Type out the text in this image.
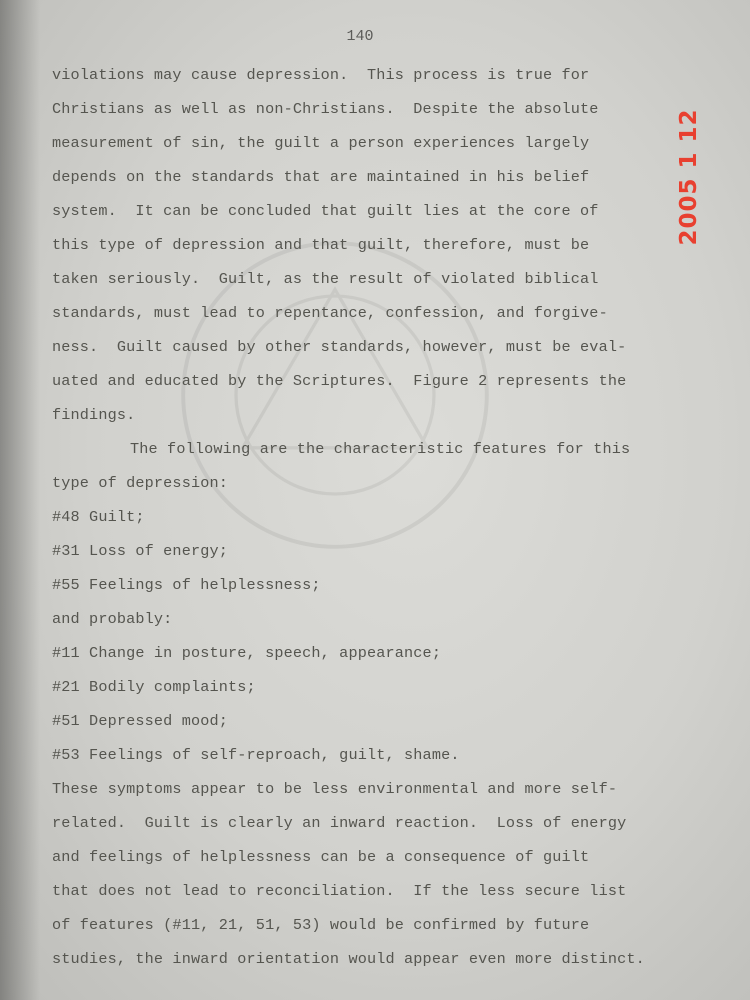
140
violations may cause depression.  This process is true for
Christians as well as non-Christians.  Despite the absolute
measurement of sin, the guilt a person experiences largely
depends on the standards that are maintained in his belief
system.  It can be concluded that guilt lies at the core of
this type of depression and that guilt, therefore, must be
taken seriously.  Guilt, as the result of violated biblical
standards, must lead to repentance, confession, and forgive-
ness.  Guilt caused by other standards, however, must be eval-
uated and educated by the Scriptures.  Figure 2 represents the
findings.
The following are the characteristic features for this
type of depression:
#48 Guilt;
#31 Loss of energy;
#55 Feelings of helplessness;
and probably:
#11 Change in posture, speech, appearance;
#21 Bodily complaints;
#51 Depressed mood;
#53 Feelings of self-reproach, guilt, shame.
These symptoms appear to be less environmental and more self-
related.  Guilt is clearly an inward reaction.  Loss of energy
and feelings of helplessness can be a consequence of guilt
that does not lead to reconciliation.  If the less secure list
of features (#11, 21, 51, 53) would be confirmed by future
studies, the inward orientation would appear even more distinct.
2005 1 12
